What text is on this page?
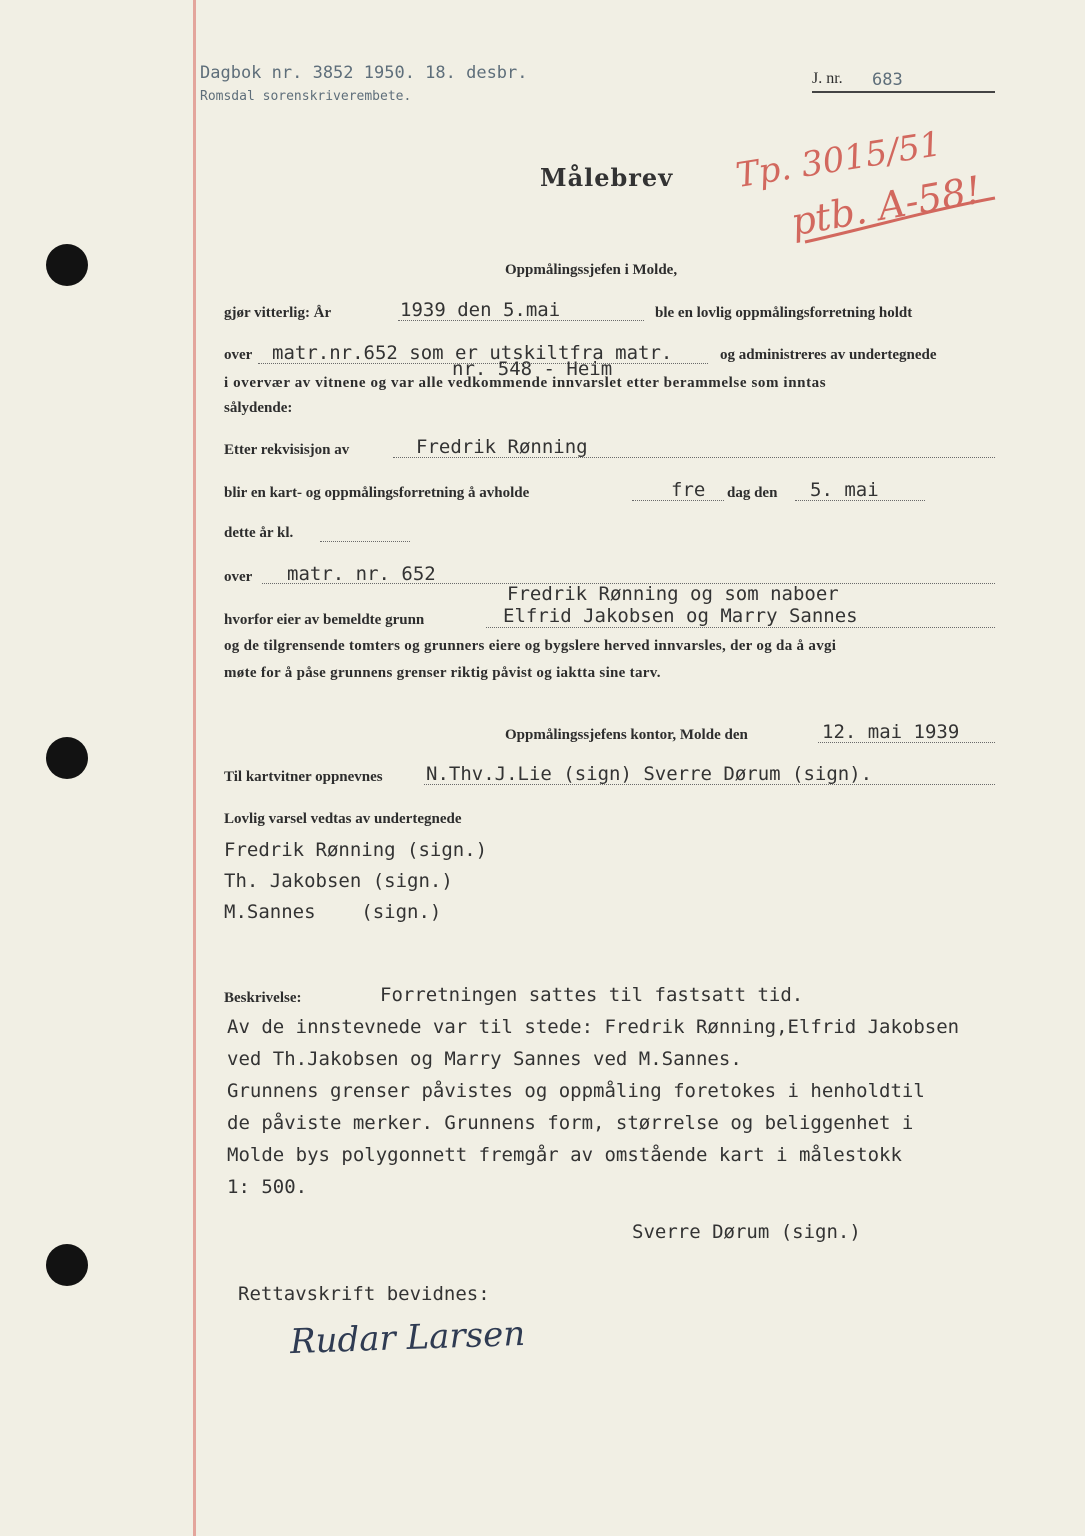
Dagbok nr. 3852 1950. 18. desbr.
Romsdal sorenskriverembete.
J. nr. 683
Målebrev Tp. 3015/51
ptb. A-58!
Oppmålingssjefen i Molde,
gjør vitterlig: År	1939 den 5.mai	ble en lovlig oppmålingsforretning holdt
over matr.nr.652 som er utskiltfra matr.	og administreres av undertegnede
nr. 548 - Heim
i overvær av vitnene og var alle vedkommende innvarslet etter berammelse som inntas
sålydende:
Etter rekvisisjon av	Fredrik Rønning
blir en kart- og oppmålingsforretning å avholde	fre dag den 5. mai
dette år kl.
over matr. nr. 652
Fredrik Rønning og som naboer
hvorfor eier av bemeldte grunn	Elfrid Jakobsen og Marry Sannes
og de tilgrensende tomters og grunners eiere og bygslere herved innvarsles, der og da å avgi
møte for å påse grunnens grenser riktig påvist og iaktta sine tarv.
Oppmålingssjefens kontor, Molde den	12. mai 1939
Til kartvitner oppnevnes N.Thv.J.Lie (sign) Sverre Dørum (sign).
Lovlig varsel vedtas av undertegnede
Fredrik Rønning (sign.)
Th. Jakobsen (sign.)
M.Sannes    (sign.)
Beskrivelse:	Forretningen sattes til fastsatt tid.
Av de innstevnede var til stede: Fredrik Rønning,Elfrid Jakobsen
ved Th.Jakobsen og Marry Sannes ved M.Sannes.
Grunnens grenser påvistes og oppmåling foretokes i henholdtil
de påviste merker. Grunnens form, størrelse og beliggenhet i
Molde bys polygonnett fremgår av omstående kart i målestokk
1: 500.
Sverre Dørum (sign.)
Rettavskrift bevidnes:
Rudar Larsen
